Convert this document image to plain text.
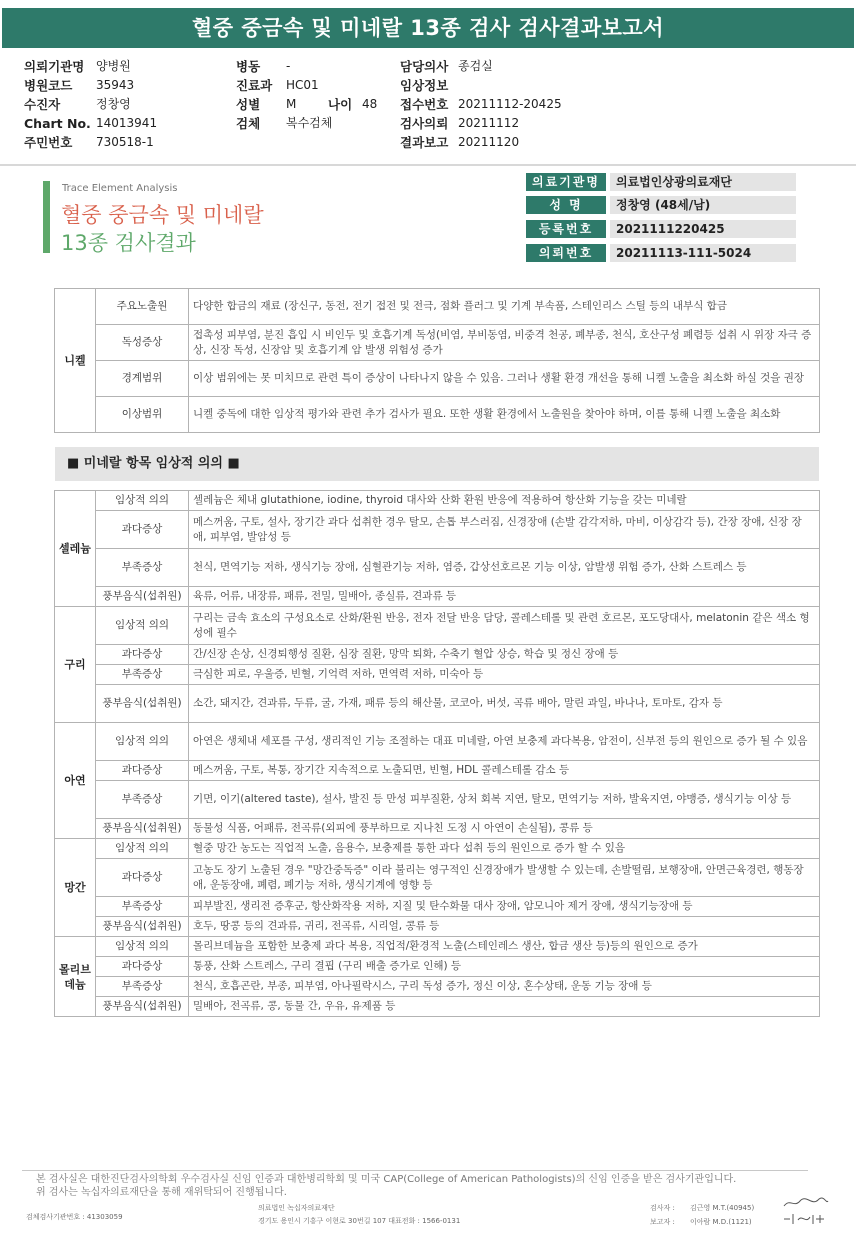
혈중 중금속 및 미네랄 13종 검사 검사결과보고서
의뢰기관명 양병원
병원코드 35943
수진자	정창영
Chart No. 14013941
주민번호 730518-1
병동 -
진료과 HC01
성별 M	나이 48
검체 복수검체
담당의사 종검실
임상정보
접수번호 20211112-20425
검사의뢰 20211112
결과보고 20211120
Trace Element Analysis
혈중 중금속 및 미네랄
13종 검사결과
의료기관명	의료법인상광의료재단
성 명	정창영 (48세/남)
등록번호	2021111220425
의뢰번호	20211113-111-5024
니켈	주요노출원	다양한 합금의 재료 (장신구, 동전, 전기 접전 및 전극, 점화 플러그 및 기계 부속품, 스테인리스 스틸 등의 내부식 합금
	독성증상	접촉성 피부염, 분진 흡입 시 비인두 및 호흡기계 독성(비염, 부비동염, 비중격 천공, 폐부종, 천식, 호산구성 폐렴등 섭취 시 위장 자극 증상, 신장 독성, 신장암 및 호흡기계 암 발생 위험성 증가
	경계범위	이상 범위에는 못 미치므로 관련 특이 증상이 나타나지 않을 수 있음. 그러나 생활 환경 개선을 통해 니켈 노출을 최소화 하실 것을 권장
	이상범위	니켈 중독에 대한 임상적 평가와 관련 추가 검사가 필요. 또한 생활 환경에서 노출원을 찾아야 하며, 이를 통해 니켈 노출을 최소화
■ 미네랄 항목 임상적 의의 ■
셀레늄	임상적 의의	셀레늄은 체내 glutathione, iodine, thyroid 대사와 산화 환원 반응에 적용하여 항산화 기능을 갖는 미네랄
	과다증상	메스꺼움, 구토, 설사, 장기간 과다 섭취한 경우 탈모, 손톱 부스러짐, 신경장애 (손발 감각저하, 마비, 이상감각 등), 간장 장애, 신장 장애, 피부염, 발암성 등
	부족증상	천식, 면역기능 저하, 생식기능 장애, 심혈관기능 저하, 염증, 갑상선호르몬 기능 이상, 암발생 위험 증가, 산화 스트레스 등
	풍부음식(섭취원)	육류, 어류, 내장류, 패류, 전밀, 밀배아, 종실류, 견과류 등
구리	임상적 의의	구리는 금속 효소의 구성요소로 산화/환원 반응, 전자 전달 반응 담당, 콜레스테롤 및 관련 호르몬, 포도당대사, melatonin 같은 색소 형성에 필수
	과다증상	간/신장 손상, 신경퇴행성 질환, 심장 질환, 망막 퇴화, 수축기 혈압 상승, 학습 및 정신 장애 등
	부족증상	극심한 피로, 우울증, 빈혈, 기억력 저하, 면역력 저하, 미숙아 등
	풍부음식(섭취원)	소간, 돼지간, 견과류, 두류, 굴, 가재, 패류 등의 해산물, 코코아, 버섯, 곡류 배아, 말린 과일, 바나나, 토마토, 감자 등
아연	임상적 의의	아연은 생체내 세포를 구성, 생리적인 기능 조절하는 대표 미네랄, 아연 보충제 과다복용, 암전이, 신부전 등의 원인으로 증가 될 수 있음
	과다증상	메스꺼움, 구토, 복통, 장기간 지속적으로 노출되면, 빈혈, HDL 콜레스테롤 감소 등
	부족증상	기면, 이기(altered taste), 설사, 발진 등 만성 피부질환, 상처 회복 지연, 탈모, 면역기능 저하, 발육지연, 야맹증, 생식기능 이상 등
	풍부음식(섭취원)	동물성 식품, 어패류, 전곡류(외피에 풍부하므로 지나친 도정 시 아연이 손실됨), 콩류 등
망간	임상적 의의	혈중 망간 농도는 직업적 노출, 음용수, 보충제를 통한 과다 섭취 등의 원인으로 증가 할 수 있음
	과다증상	고농도 장기 노출된 경우 "망간중독증" 이라 불리는 영구적인 신경장애가 발생할 수 있는데, 손발떨림, 보행장애, 안면근육경련, 행동장애, 운동장애, 폐렴, 폐기능 저하, 생식기계에 영향 등
	부족증상	피부발진, 생리전 증후군, 항산화작용 저하, 지질 및 탄수화물 대사 장애, 암모니아 제거 장애, 생식기능장애 등
	풍부음식(섭취원)	호두, 땅콩 등의 견과류, 귀리, 전곡류, 시리얼, 콩류 등
몰리브데늄	임상적 의의	몰리브데늄을 포함한 보충제 과다 복용, 직업적/환경적 노출(스테인레스 생산, 합금 생산 등)등의 원인으로 증가
	과다증상	통풍, 산화 스트레스, 구리 결핍 (구리 배출 증가로 인해) 등
	부족증상	천식, 호흡곤란, 부종, 피부염, 아나필락시스, 구리 독성 증가, 정신 이상, 혼수상태, 운동 기능 장애 등
	풍부음식(섭취원)	밀배아, 전곡류, 콩, 동물 간, 우유, 유제품 등
본 검사실은 대한진단검사의학회 우수검사실 신임 인증과 대한병리학회 및 미국 CAP(College of American Pathologists)의 신임 인증을 받은 검사기관입니다.
위 검사는 녹십자의료재단을 통해 재위탁되어 진행됩니다.
검체검사기관번호 : 41303059
의료법인 녹십자의료재단
경기도 용인시 기흥구 이현로 30번길 107 대표전화 : 1566-0131
검사자 : 김근영 M.T.(40945)
보고자 : 이아람 M.D.(1121)
